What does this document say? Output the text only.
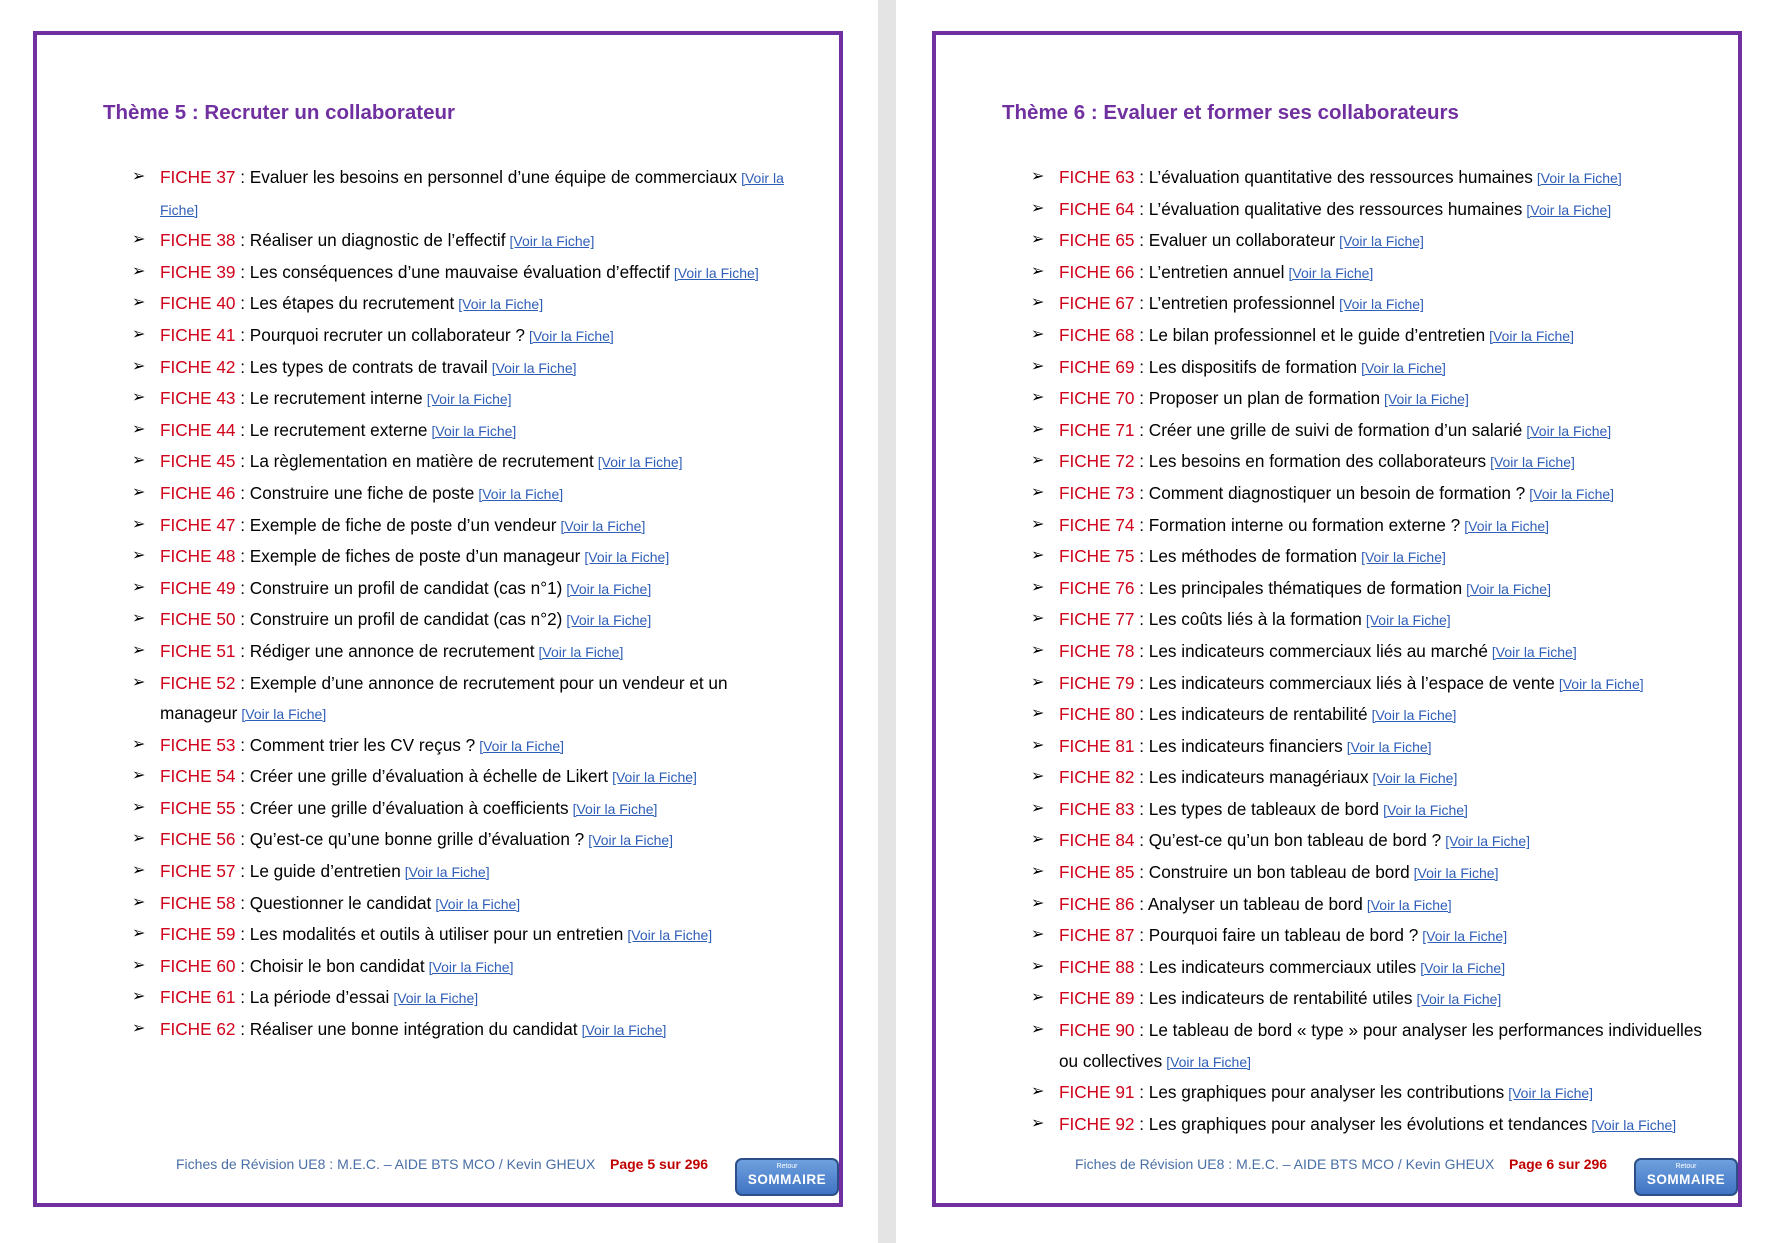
Thème 5 : Recruter un collaborateur
➢ FICHE 37 : Evaluer les besoins en personnel d’une équipe de commerciaux [Voir la Fiche]
➢ FICHE 38 : Réaliser un diagnostic de l’effectif [Voir la Fiche]
➢ FICHE 39 : Les conséquences d’une mauvaise évaluation d’effectif [Voir la Fiche]
➢ FICHE 40 : Les étapes du recrutement [Voir la Fiche]
➢ FICHE 41 : Pourquoi recruter un collaborateur ? [Voir la Fiche]
➢ FICHE 42 : Les types de contrats de travail [Voir la Fiche]
➢ FICHE 43 : Le recrutement interne [Voir la Fiche]
➢ FICHE 44 : Le recrutement externe [Voir la Fiche]
➢ FICHE 45 : La règlementation en matière de recrutement [Voir la Fiche]
➢ FICHE 46 : Construire une fiche de poste [Voir la Fiche]
➢ FICHE 47 : Exemple de fiche de poste d’un vendeur [Voir la Fiche]
➢ FICHE 48 : Exemple de fiches de poste d’un manageur [Voir la Fiche]
➢ FICHE 49 : Construire un profil de candidat (cas n°1) [Voir la Fiche]
➢ FICHE 50 : Construire un profil de candidat (cas n°2) [Voir la Fiche]
➢ FICHE 51 : Rédiger une annonce de recrutement [Voir la Fiche]
➢ FICHE 52 : Exemple d’une annonce de recrutement pour un vendeur et un manageur [Voir la Fiche]
➢ FICHE 53 : Comment trier les CV reçus ? [Voir la Fiche]
➢ FICHE 54 : Créer une grille d’évaluation à échelle de Likert [Voir la Fiche]
➢ FICHE 55 : Créer une grille d’évaluation à coefficients [Voir la Fiche]
➢ FICHE 56 : Qu’est-ce qu’une bonne grille d’évaluation ? [Voir la Fiche]
➢ FICHE 57 : Le guide d’entretien [Voir la Fiche]
➢ FICHE 58 : Questionner le candidat [Voir la Fiche]
➢ FICHE 59 : Les modalités et outils à utiliser pour un entretien [Voir la Fiche]
➢ FICHE 60 : Choisir le bon candidat [Voir la Fiche]
➢ FICHE 61 : La période d’essai [Voir la Fiche]
➢ FICHE 62 : Réaliser une bonne intégration du candidat [Voir la Fiche]
Fiches de Révision UE8 : M.E.C. – AIDE BTS MCO / Kevin GHEUX Page 5 sur 296	Retour
SOMMAIRE
Thème 6 : Evaluer et former ses collaborateurs
➢ FICHE 63 : L’évaluation quantitative des ressources humaines [Voir la Fiche]
➢ FICHE 64 : L’évaluation qualitative des ressources humaines [Voir la Fiche]
➢ FICHE 65 : Evaluer un collaborateur [Voir la Fiche]
➢ FICHE 66 : L’entretien annuel [Voir la Fiche]
➢ FICHE 67 : L’entretien professionnel [Voir la Fiche]
➢ FICHE 68 : Le bilan professionnel et le guide d’entretien [Voir la Fiche]
➢ FICHE 69 : Les dispositifs de formation [Voir la Fiche]
➢ FICHE 70 : Proposer un plan de formation [Voir la Fiche]
➢ FICHE 71 : Créer une grille de suivi de formation d’un salarié [Voir la Fiche]
➢ FICHE 72 : Les besoins en formation des collaborateurs [Voir la Fiche]
➢ FICHE 73 : Comment diagnostiquer un besoin de formation ? [Voir la Fiche]
➢ FICHE 74 : Formation interne ou formation externe ? [Voir la Fiche]
➢ FICHE 75 : Les méthodes de formation [Voir la Fiche]
➢ FICHE 76 : Les principales thématiques de formation [Voir la Fiche]
➢ FICHE 77 : Les coûts liés à la formation [Voir la Fiche]
➢ FICHE 78 : Les indicateurs commerciaux liés au marché [Voir la Fiche]
➢ FICHE 79 : Les indicateurs commerciaux liés à l’espace de vente [Voir la Fiche]
➢ FICHE 80 : Les indicateurs de rentabilité [Voir la Fiche]
➢ FICHE 81 : Les indicateurs financiers [Voir la Fiche]
➢ FICHE 82 : Les indicateurs managériaux [Voir la Fiche]
➢ FICHE 83 : Les types de tableaux de bord [Voir la Fiche]
➢ FICHE 84 : Qu’est-ce qu’un bon tableau de bord ? [Voir la Fiche]
➢ FICHE 85 : Construire un bon tableau de bord [Voir la Fiche]
➢ FICHE 86 : Analyser un tableau de bord [Voir la Fiche]
➢ FICHE 87 : Pourquoi faire un tableau de bord ? [Voir la Fiche]
➢ FICHE 88 : Les indicateurs commerciaux utiles [Voir la Fiche]
➢ FICHE 89 : Les indicateurs de rentabilité utiles [Voir la Fiche]
➢ FICHE 90 : Le tableau de bord « type » pour analyser les performances individuelles ou collectives [Voir la Fiche]
➢ FICHE 91 : Les graphiques pour analyser les contributions [Voir la Fiche]
➢ FICHE 92 : Les graphiques pour analyser les évolutions et tendances [Voir la Fiche]
Fiches de Révision UE8 : M.E.C. – AIDE BTS MCO / Kevin GHEUX Page 6 sur 296	Retour
SOMMAIRE
